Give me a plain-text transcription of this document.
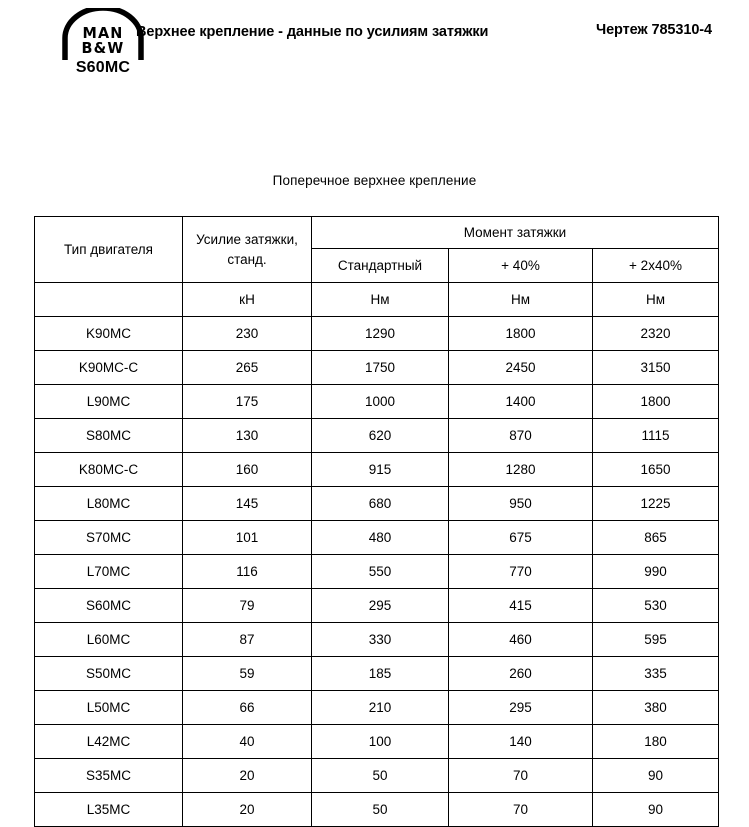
MAN
B&W
S60MC
Верхнее крепление - данные по усилиям затяжки	Чертеж 785310-4
Поперечное верхнее крепление
Тип двигателя	Усилие затяжки, станд.	Момент затяжки		
		Стандартный	+ 40%	+ 2x40%
	кН	Нм	Нм	Нм
K90MC	230	1290	1800	2320
K90MC-C	265	1750	2450	3150
L90MC	175	1000	1400	1800
S80MC	130	620	870	1115
K80MC-C	160	915	1280	1650
L80MC	145	680	950	1225
S70MC	101	480	675	865
L70MC	116	550	770	990
S60MC	79	295	415	530
L60MC	87	330	460	595
S50MC	59	185	260	335
L50MC	66	210	295	380
L42MC	40	100	140	180
S35MC	20	50	70	90
L35MC	20	50	70	90
